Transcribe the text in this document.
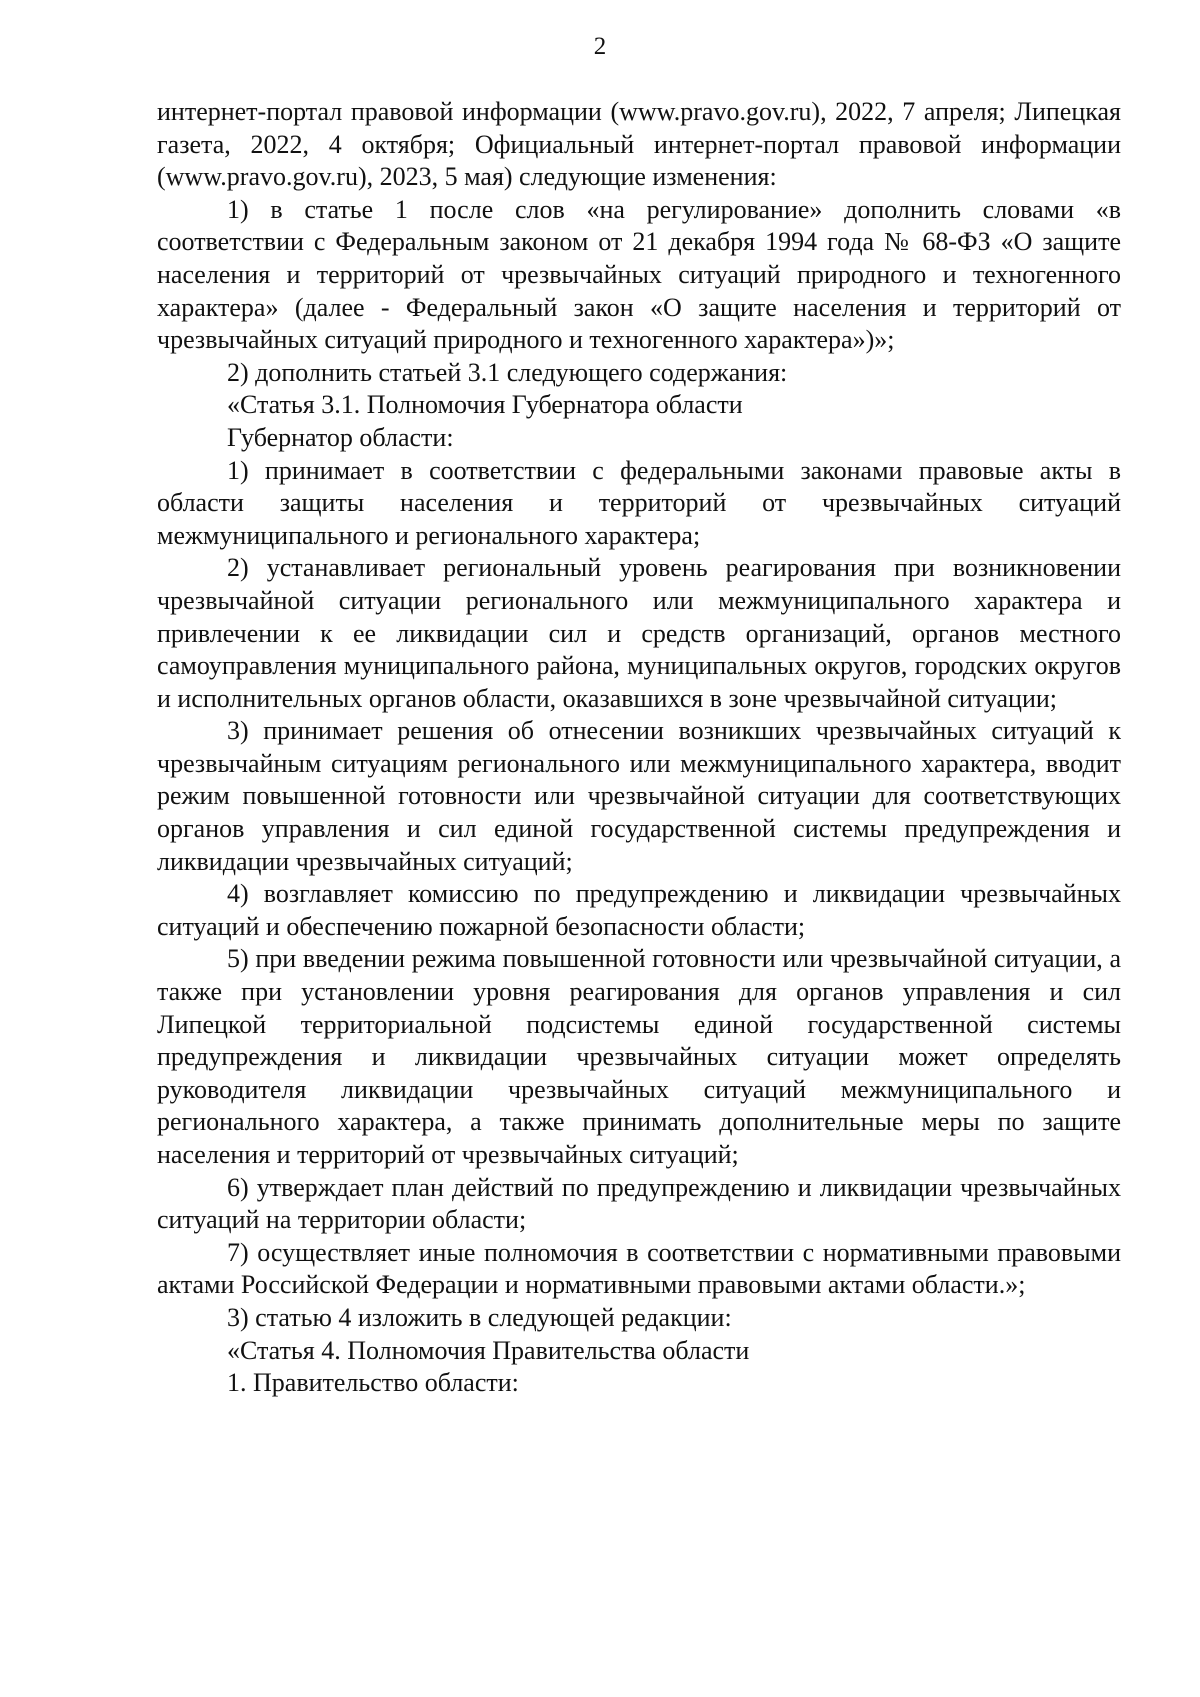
2

интернет-портал правовой информации (www.pravo.gov.ru), 2022, 7 апреля; Липецкая газета, 2022, 4 октября; Официальный интернет-портал правовой информации (www.pravo.gov.ru), 2023, 5 мая) следующие изменения:

1) в статье 1 после слов «на регулирование» дополнить словами «в соответствии с Федеральным законом от 21 декабря 1994 года № 68-ФЗ «О защите населения и территорий от чрезвычайных ситуаций природного и техногенного характера» (далее - Федеральный закон «О защите населения и территорий от чрезвычайных ситуаций природного и техногенного характера»)»;

2) дополнить статьей 3.1 следующего содержания:

«Статья 3.1. Полномочия Губернатора области

Губернатор области:

1) принимает в соответствии с федеральными законами правовые акты в области защиты населения и территорий от чрезвычайных ситуаций межмуниципального и регионального характера;

2) устанавливает региональный уровень реагирования при возникновении чрезвычайной ситуации регионального или межмуниципального характера и привлечении к ее ликвидации сил и средств организаций, органов местного самоуправления муниципального района, муниципальных округов, городских округов и исполнительных органов области, оказавшихся в зоне чрезвычайной ситуации;

3) принимает решения об отнесении возникших чрезвычайных ситуаций к чрезвычайным ситуациям регионального или межмуниципального характера, вводит режим повышенной готовности или чрезвычайной ситуации для соответствующих органов управления и сил единой государственной системы предупреждения и ликвидации чрезвычайных ситуаций;

4) возглавляет комиссию по предупреждению и ликвидации чрезвычайных ситуаций и обеспечению пожарной безопасности области;

5) при введении режима повышенной готовности или чрезвычайной ситуации, а также при установлении уровня реагирования для органов управления и сил Липецкой территориальной подсистемы единой государственной системы предупреждения и ликвидации чрезвычайных ситуации может определять руководителя ликвидации чрезвычайных ситуаций межмуниципального и регионального характера, а также принимать дополнительные меры по защите населения и территорий от чрезвычайных ситуаций;

6) утверждает план действий по предупреждению и ликвидации чрезвычайных ситуаций на территории области;

7) осуществляет иные полномочия в соответствии с нормативными правовыми актами Российской Федерации и нормативными правовыми актами области.»;

3) статью 4 изложить в следующей редакции:

«Статья 4. Полномочия Правительства области

1. Правительство области:
